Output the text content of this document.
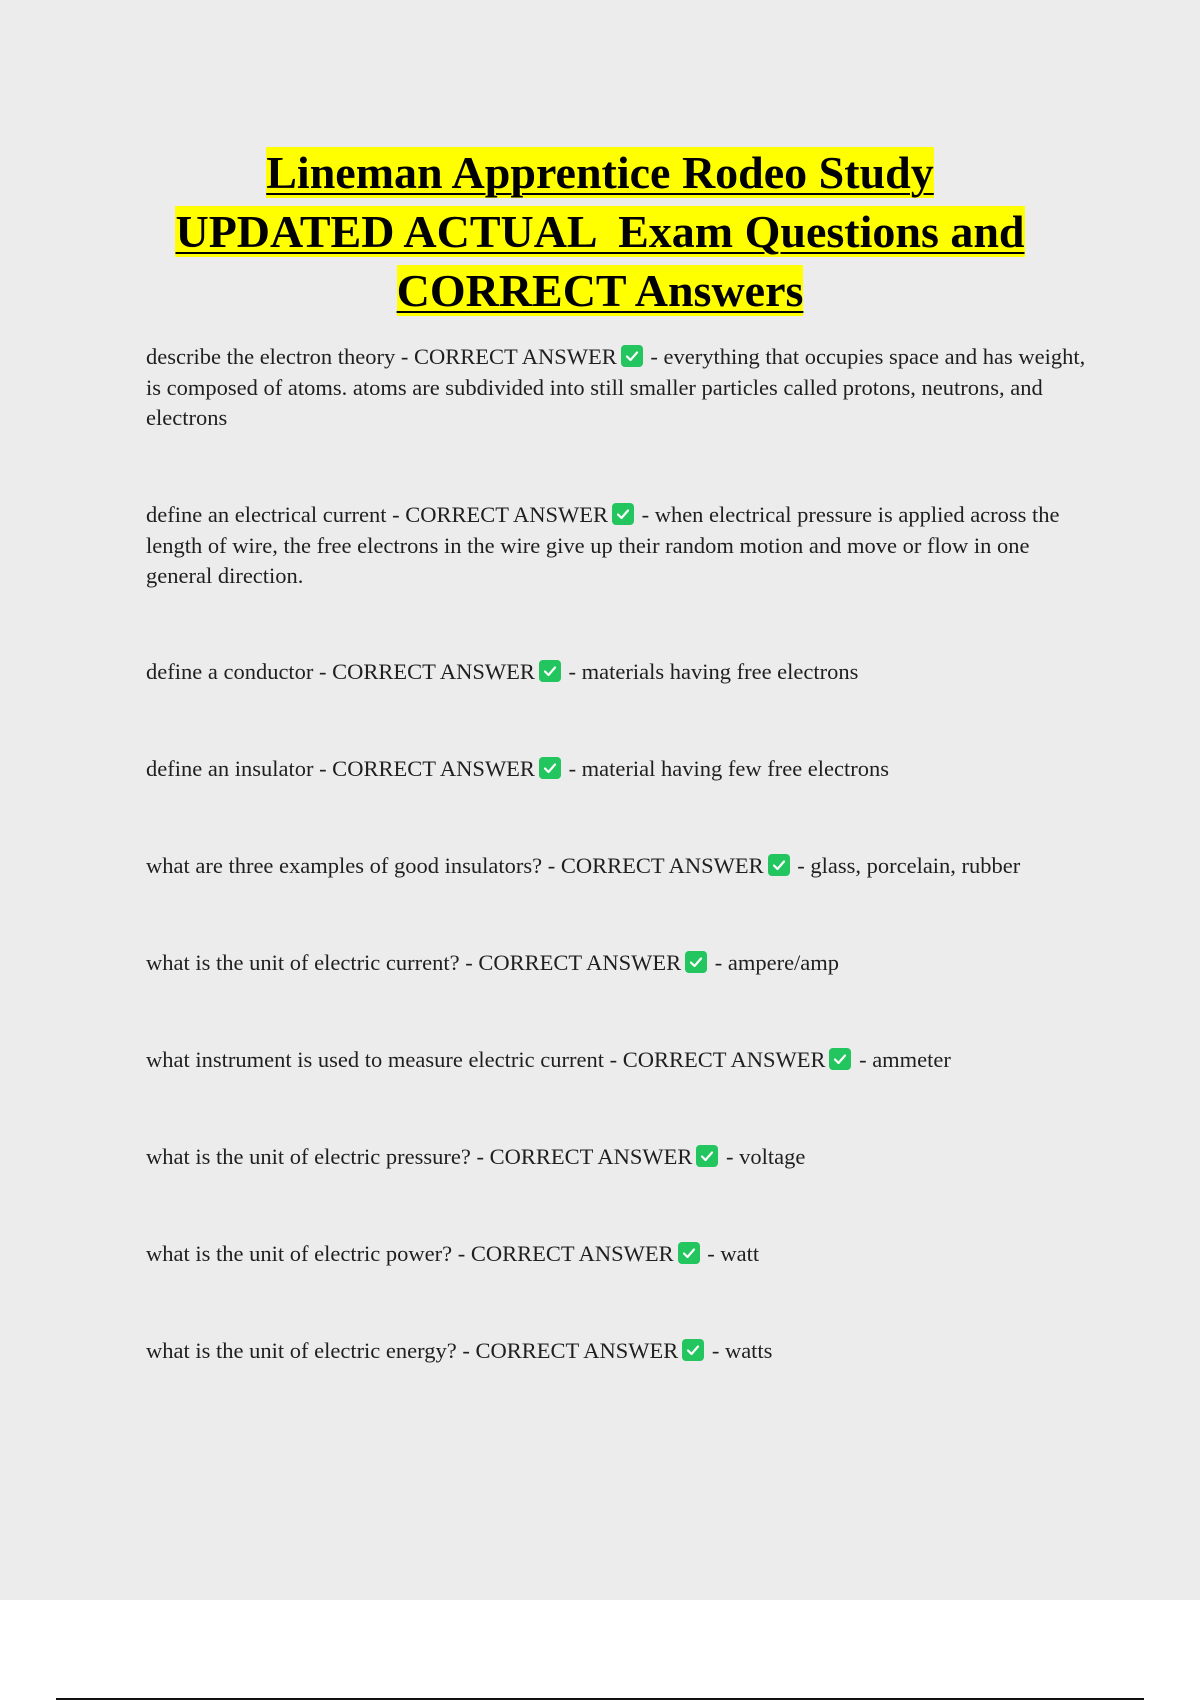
Lineman Apprentice Rodeo Study
UPDATED ACTUAL  Exam Questions and
CORRECT Answers
describe the electron theory - CORRECT ANSWER - everything that occupies space and has weight, is composed of atoms. atoms are subdivided into still smaller particles called protons, neutrons, and electrons
define an electrical current - CORRECT ANSWER - when electrical pressure is applied across the length of wire, the free electrons in the wire give up their random motion and move or flow in one general direction.
define a conductor - CORRECT ANSWER - materials having free electrons
define an insulator - CORRECT ANSWER - material having few free electrons
what are three examples of good insulators? - CORRECT ANSWER - glass, porcelain, rubber
what is the unit of electric current? - CORRECT ANSWER - ampere/amp
what instrument is used to measure electric current - CORRECT ANSWER - ammeter
what is the unit of electric pressure? - CORRECT ANSWER - voltage
what is the unit of electric power? - CORRECT ANSWER - watt
what is the unit of electric energy? - CORRECT ANSWER - watts
